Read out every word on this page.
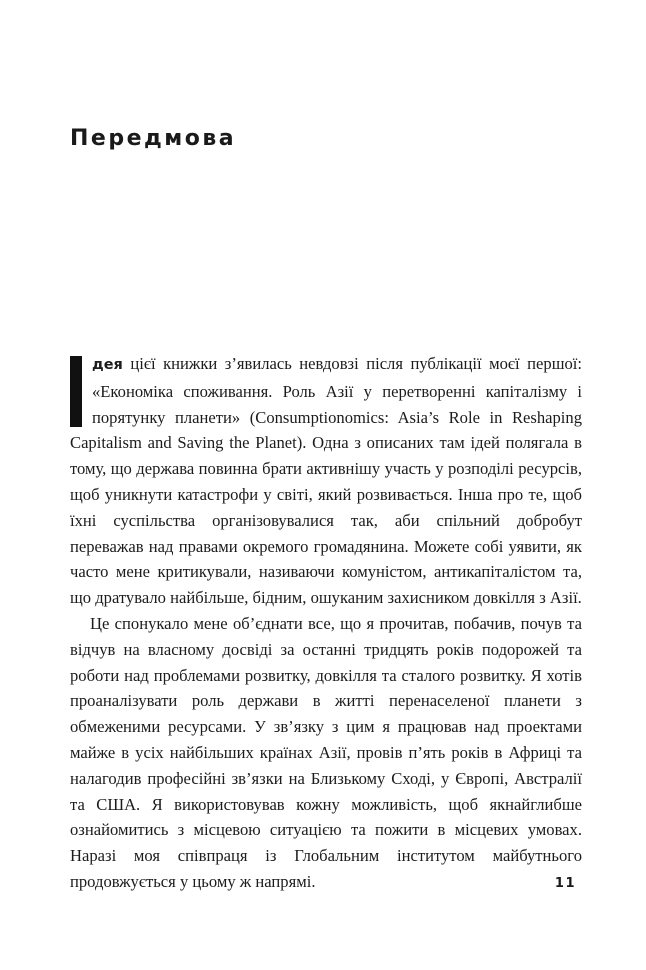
Передмова

дея цієї книжки з’явилась невдовзі після публікації моєї першої: «Економіка споживання. Роль Азії у перетворенні капіталізму і порятунку планети» (Consumptionomics: Asia’s Role in Reshaping Capitalism and Saving the Planet). Одна з описаних там ідей полягала в тому, що держава повинна брати активнішу участь у розподілі ресурсів, щоб уникнути катастрофи у світі, який розвивається. Інша про те, щоб їхні суспільства організовувалися так, аби спільний добробут переважав над правами окремого громадянина. Можете собі уявити, як часто мене критикували, називаючи комуністом, антикапіталістом та, що дратувало найбільше, бідним, ошуканим захисником довкілля з Азії.

Це спонукало мене об’єднати все, що я прочитав, побачив, почув та відчув на власному досвіді за останні тридцять років подорожей та роботи над проблемами розвитку, довкілля та сталого розвитку. Я хотів проаналізувати роль держави в житті перенаселеної планети з обмеженими ресурсами. У зв’язку з цим я працював над проектами майже в усіх найбільших країнах Азії, провів п’ять років в Африці та налагодив професійні зв’язки на Близькому Сході, у Європі, Австралії та США. Я використовував кожну можливість, щоб якнайглибше ознайомитись з місцевою ситуацією та пожити в місцевих умовах. Наразі моя співпраця із Глобальним інститутом майбутнього продовжується у цьому ж напрямі.	11
